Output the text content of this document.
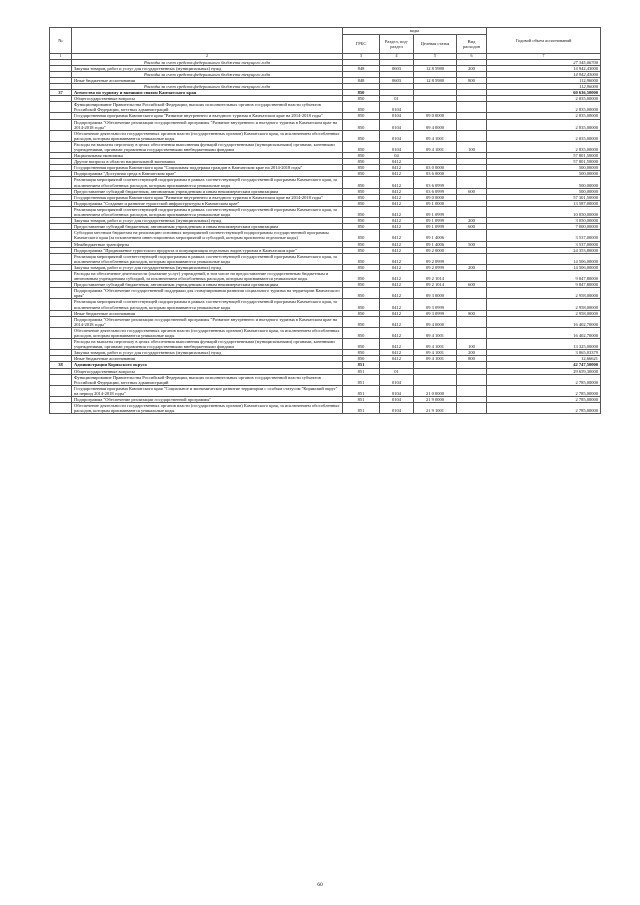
№		коды				Годовой объем ассигнований
		ГРБС	Раздел, под-раздел	Целевая статья	Вид расходов	
1	2	3	4	5	6	7
	Расходы за счет средств федерального бюджета текущего года					27 345,06700
	Закупка товаров, работ и услуг для государственных (муниципальных) нужд	848	0603	12 8 5980	200	14 942,43000
	Расходы за счет средств федерального бюджета текущего года					14 942,43000
	Иные бюджетные ассигнования	848	0603	12 8 5980	800	112,96000
	Расходы за счет средств федерального бюджета текущего года					112,96000
37	Агентство по туризму и внешним связям Камчатского края	850				60 636,50000
	Общегосударственные вопросы	850	01			2 835,00000
	Функционирование Правительства Российской Федерации, высших исполнительных органов государственной власти субъектов Российской Федерации, местных администраций	850	0104			2 835,00000
	Государственная программа Камчатского края "Развитие внутреннего и въездного туризма в Камчатском крае на 2014-2018 годы"	850	0104	09 0 0000		2 835,00000
	Подпрограмма "Обеспечение реализации государственной программы "Развитие внутреннего и въездного туризма в Камчатском крае на 2014-2018 годы"	850	0104	09 4 0000		2 835,00000
	Обеспечение деятельности государственных органов власти (государственных органов) Камчатского края, за исключением обособленных расходов, которым присваиваются уникальные коды	850	0104	09 4 1001		2 835,00000
	Расходы на выплаты персоналу в целях обеспечения выполнения функций государственными (муниципальными) органами, казенными учреждениями, органами управления государственными внебюджетными фондами	850	0104	09 4 1001	100	2 835,00000
	Национальная экономика	850	04			57 801,50000
	Другие вопросы в области национальной экономики	850	0412			57 801,50000
	Государственная программа Камчатского края "Социальная поддержка граждан в Камчатском крае на 2014-2018 годы"	850	0412	03 0 0000		500,00000
	Подпрограмма "Доступная среда в Камчатском крае"	850	0412	03 6 0000		500,00000
	Реализация мероприятий соответствующей подпрограммы в рамках соответствующей государственной программы Камчатского края, за исключением обособленных расходов, которым присваиваются уникальные коды	850	0412	03 6 0999		500,00000
	Предоставление субсидий бюджетным, автономным учреждениям и иным некоммерческим организациям	850	0412	03 6 0999	600	500,00000
	Государственная программа Камчатского края "Развитие внутреннего и въездного туризма в Камчатском крае на 2014-2018 годы"	850	0412	09 0 0000		57 301,50000
	Подпрограмма "Создание и развитие туристской инфраструктуры в Камчатском крае"	850	0412	09 1 0000		13 587,00000
	Реализация мероприятий соответствующей подпрограммы в рамках соответствующей государственной программы Камчатского края, за исключением обособленных расходов, которым присваиваются уникальные коды	850	0412	09 1 0999		10 050,00000
	Закупка товаров, работ и услуг для государственных (муниципальных) нужд	850	0412	09 1 0999	200	3 050,00000
	Предоставление субсидий бюджетным, автономным учреждениям и иным некоммерческим организациям	850	0412	09 1 0999	600	7 000,00000
	Субсидии местным бюджетам на реализацию основных мероприятий соответствующей подпрограммы государственной программы Камчатского края (за исключением инвестиционных мероприятий и субсидий, которым присвоены отдельные коды)	850	0412	09 1 4006		3 537,00000
	Межбюджетные трансферты	850	0412	09 1 4006	500	3 537,00000
	Подпрограмма "Продвижение туристского продукта и популяризация отдельных видов туризма в Камчатском крае"	850	0412	09 2 0000		24 353,80000
	Реализация мероприятий соответствующей подпрограммы в рамках соответствующей государственной программы Камчатского края, за исключением обособленных расходов, которым присваиваются уникальные коды	850	0412	09 2 0999		14 506,00000
	Закупка товаров, работ и услуг для государственных (муниципальных) нужд	850	0412	09 2 0999	200	14 506,00000
	Расходы на обеспечение деятельности (оказание услуг) учреждений, в том числе на предоставление государственным бюджетным и автономным учреждениям субсидий, за исключением обособленных расходов, которым присваиваются уникальные коды	850	0412	09 2 1014		9 847,80000
	Предоставление субсидий бюджетным, автономным учреждениям и иным некоммерческим организациям	850	0412	09 2 1014	600	9 847,80000
	Подпрограмма "Обеспечение государственной поддержки для стимулирования развития социального туризма на территории Камчатского края"	850	0412	09 3 0000		2 958,00000
	Реализация мероприятий соответствующей подпрограммы в рамках соответствующей государственной программы Камчатского края, за исключением обособленных расходов, которым присваиваются уникальные коды	850	0412	09 3 0999		2 958,00000
	Иные бюджетные ассигнования	850	0412	09 3 0999	800	2 958,00000
	Подпрограмма "Обеспечение реализации государственной программы "Развитие внутреннего и въездного туризма в Камчатском крае на 2014-2018 годы"	850	0412	09 4 0000		16 402,70000
	Обеспечение деятельности государственных органов власти (государственных органов) Камчатского края, за исключением обособленных расходов, которым присваиваются уникальные коды	850	0412	09 4 1001		16 402,70000
	Расходы на выплаты персоналу в целях обеспечения выполнения функций государственными (муниципальными) органами, казенными учреждениями, органами управления государственными внебюджетными фондами	850	0412	09 4 1001	100	13 325,00000
	Закупка товаров, работ и услуг для государственных (муниципальных) нужд	850	0412	09 4 1001	200	3 065,03379
	Иные бюджетные ассигнования	850	0412	09 4 1001	800	12,66621
38	Администрация Корякского округа	851				42 747,50000
	Общегосударственные вопросы	851	01			29 659,30000
	Функционирование Правительства Российской Федерации, высших исполнительных органов государственной власти субъектов Российской Федерации, местных администраций	851	0104			2 785,00000
	Государственная программа Камчатского края "Социальное и экономическое развитие территории с особым статусом "Корякский округ" на период 2014-2018 годы"	851	0104	21 0 0000		2 785,00000
	Подпрограмма "Обеспечение реализации государственной программы"	851	0104	21 9 0000		2 785,00000
	Обеспечение деятельности государственных органов власти (государственных органов) Камчатского края, за исключением обособленных расходов, которым присваиваются уникальные коды	851	0104	21 9 1001		2 785,00000
60
